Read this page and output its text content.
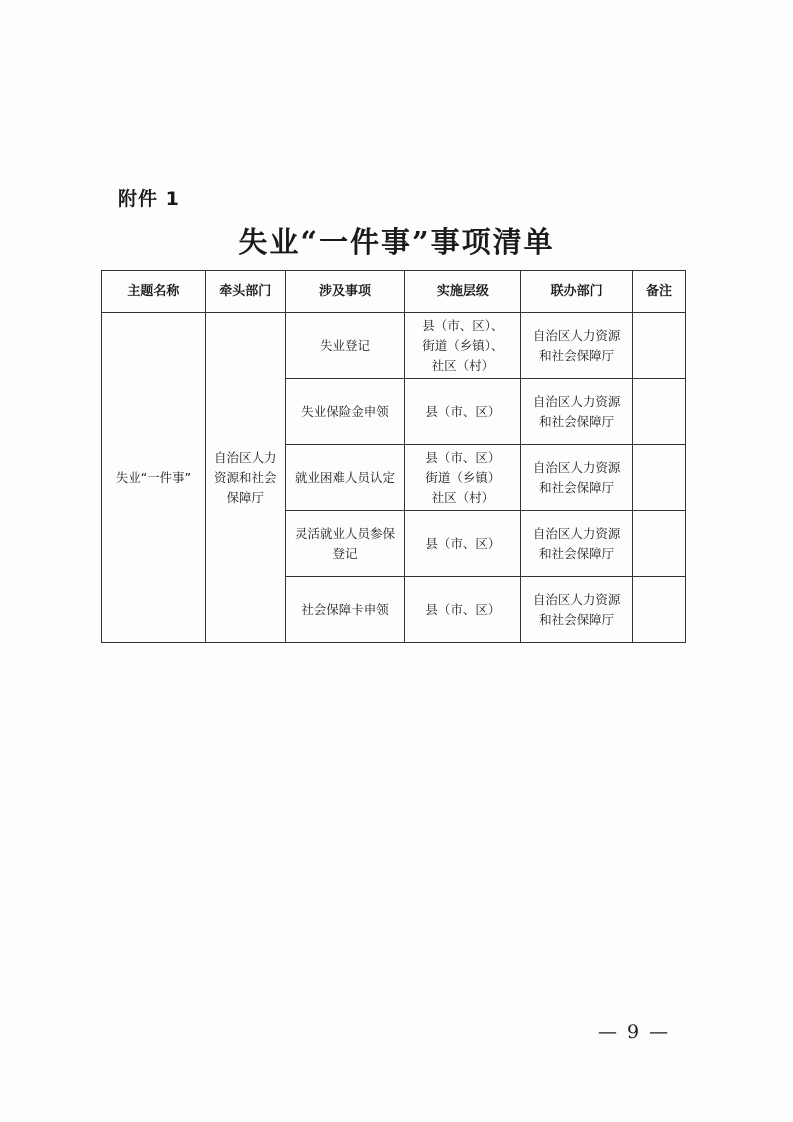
附件 1
失业“一件事”事项清单
主题名称	牵头部门	涉及事项	实施层级	联办部门	备注
失业“一件事”	自治区人力
资源和社会
保障厅	失业登记	县（市、区）、
街道（乡镇）、
社区（村）	自治区人力资源
和社会保障厅	

		失业保险金申领	县（市、区）	自治区人力资源
和社会保障厅	

		就业困难人员认定	县（市、区）
街道（乡镇）
社区（村）	自治区人力资源
和社会保障厅	

		灵活就业人员参保
登记	县（市、区）	自治区人力资源
和社会保障厅	

		社会保障卡申领	县（市、区）	自治区人力资源
和社会保障厅	

— 9 —
